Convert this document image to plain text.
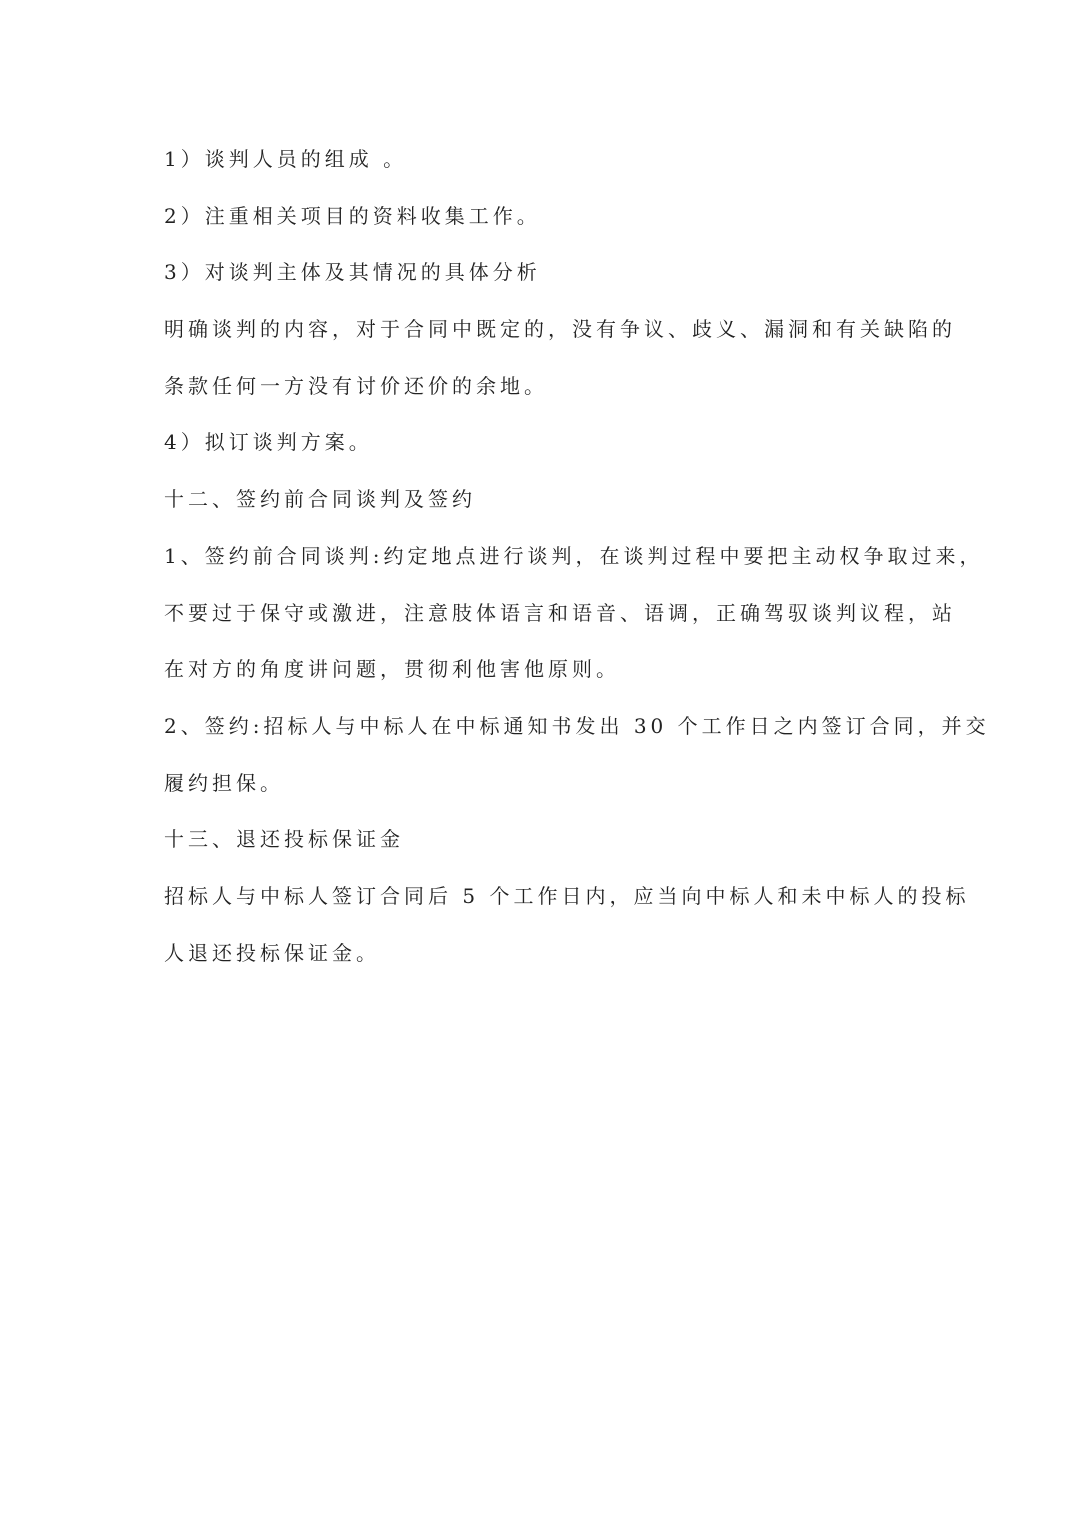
1）谈判人员的组成 。
2）注重相关项目的资料收集工作。
3）对谈判主体及其情况的具体分析
明确谈判的内容，对于合同中既定的，没有争议、歧义、漏洞和有关缺陷的
条款任何一方没有讨价还价的余地。
4）拟订谈判方案。
十二、签约前合同谈判及签约
1、签约前合同谈判:约定地点进行谈判，在谈判过程中要把主动权争取过来，
不要过于保守或激进，注意肢体语言和语音、语调，正确驾驭谈判议程，站
在对方的角度讲问题，贯彻利他害他原则。
2、签约:招标人与中标人在中标通知书发出 30 个工作日之内签订合同，并交
履约担保。
十三、退还投标保证金
招标人与中标人签订合同后 5 个工作日内，应当向中标人和未中标人的投标
人退还投标保证金。
